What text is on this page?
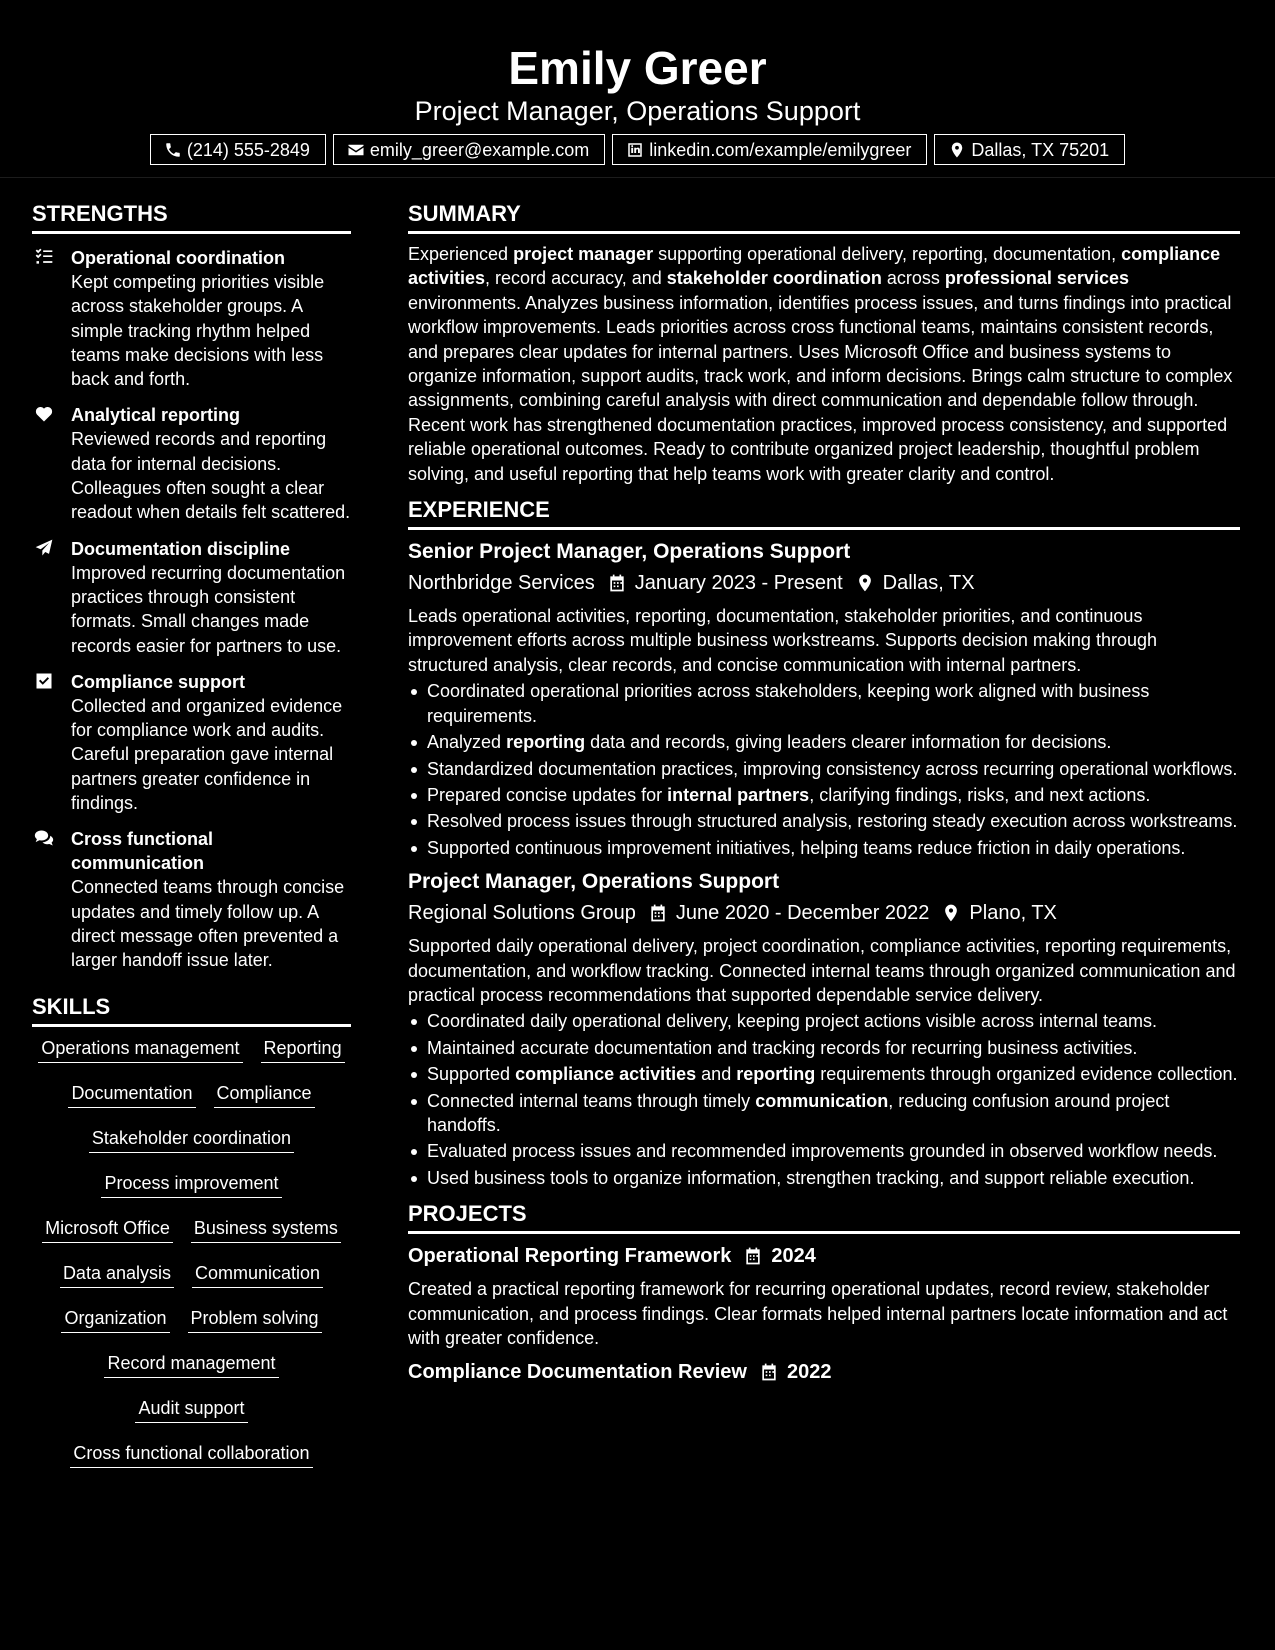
Emily Greer
Project Manager, Operations Support
(214) 555-2849	emily_greer@example.com	linkedin.com/example/emilygreer	Dallas, TX 75201
STRENGTHS
Operational coordination
Kept competing priorities visible across stakeholder groups. A simple tracking rhythm helped teams make decisions with less back and forth.
Analytical reporting
Reviewed records and reporting data for internal decisions. Colleagues often sought a clear readout when details felt scattered.
Documentation discipline
Improved recurring documentation practices through consistent formats. Small changes made records easier for partners to use.
Compliance support
Collected and organized evidence for compliance work and audits. Careful preparation gave internal partners greater confidence in findings.
Cross functional communication
Connected teams through concise updates and timely follow up. A direct message often prevented a larger handoff issue later.
SKILLS
Operations management Reporting
Documentation Compliance
Stakeholder coordination
Process improvement
Microsoft Office Business systems
Data analysis Communication
Organization Problem solving
Record management
Audit support
Cross functional collaboration
SUMMARY
Experienced project manager supporting operational delivery, reporting, documentation, compliance activities, record accuracy, and stakeholder coordination across professional services environments. Analyzes business information, identifies process issues, and turns findings into practical workflow improvements. Leads priorities across cross functional teams, maintains consistent records, and prepares clear updates for internal partners. Uses Microsoft Office and business systems to organize information, support audits, track work, and inform decisions. Brings calm structure to complex assignments, combining careful analysis with direct communication and dependable follow through. Recent work has strengthened documentation practices, improved process consistency, and supported reliable operational outcomes. Ready to contribute organized project leadership, thoughtful problem solving, and useful reporting that help teams work with greater clarity and control.
EXPERIENCE
Senior Project Manager, Operations Support
Northbridge Services January 2023 - Present Dallas, TX
Leads operational activities, reporting, documentation, stakeholder priorities, and continuous improvement efforts across multiple business workstreams. Supports decision making through structured analysis, clear records, and concise communication with internal partners.
Coordinated operational priorities across stakeholders, keeping work aligned with business requirements.
Analyzed reporting data and records, giving leaders clearer information for decisions.
Standardized documentation practices, improving consistency across recurring operational workflows.
Prepared concise updates for internal partners, clarifying findings, risks, and next actions.
Resolved process issues through structured analysis, restoring steady execution across workstreams.
Supported continuous improvement initiatives, helping teams reduce friction in daily operations.
Project Manager, Operations Support
Regional Solutions Group June 2020 - December 2022 Plano, TX
Supported daily operational delivery, project coordination, compliance activities, reporting requirements, documentation, and workflow tracking. Connected internal teams through organized communication and practical process recommendations that supported dependable service delivery.
Coordinated daily operational delivery, keeping project actions visible across internal teams.
Maintained accurate documentation and tracking records for recurring business activities.
Supported compliance activities and reporting requirements through organized evidence collection.
Connected internal teams through timely communication, reducing confusion around project handoffs.
Evaluated process issues and recommended improvements grounded in observed workflow needs.
Used business tools to organize information, strengthen tracking, and support reliable execution.
PROJECTS
Operational Reporting Framework 2024
Created a practical reporting framework for recurring operational updates, record review, stakeholder communication, and process findings. Clear formats helped internal partners locate information and act with greater confidence.
Compliance Documentation Review 2022
